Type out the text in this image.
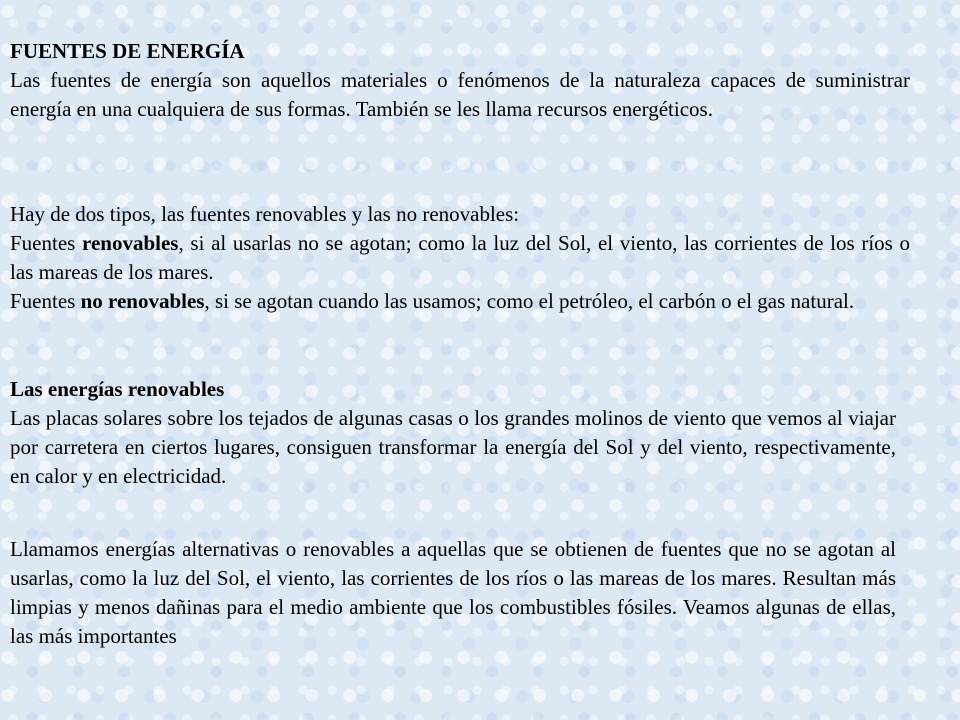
FUENTES DE ENERGÍA

Las fuentes de energía son aquellos materiales o fenómenos de la naturaleza capaces de suministrar energía en una cualquiera de sus formas. También se les llama recursos energéticos.

Hay de dos tipos, las fuentes renovables y las no renovables:

Fuentes renovables, si al usarlas no se agotan; como la luz del Sol, el viento, las corrientes de los ríos o las mareas de los mares.

Fuentes no renovables, si se agotan cuando las usamos; como el petróleo, el carbón o el gas natural.

Las energías renovables

Las placas solares sobre los tejados de algunas casas o los grandes molinos de viento que vemos al viajar por carretera en ciertos lugares, consiguen transformar la energía del Sol y del viento, respectivamente, en calor y en electricidad.

Llamamos energías alternativas o renovables a aquellas que se obtienen de fuentes que no se agotan al usarlas, como la luz del Sol, el viento, las corrientes de los ríos o las mareas de los mares. Resultan más limpias y menos dañinas para el medio ambiente que los combustibles fósiles. Veamos algunas de ellas, las más importantes
